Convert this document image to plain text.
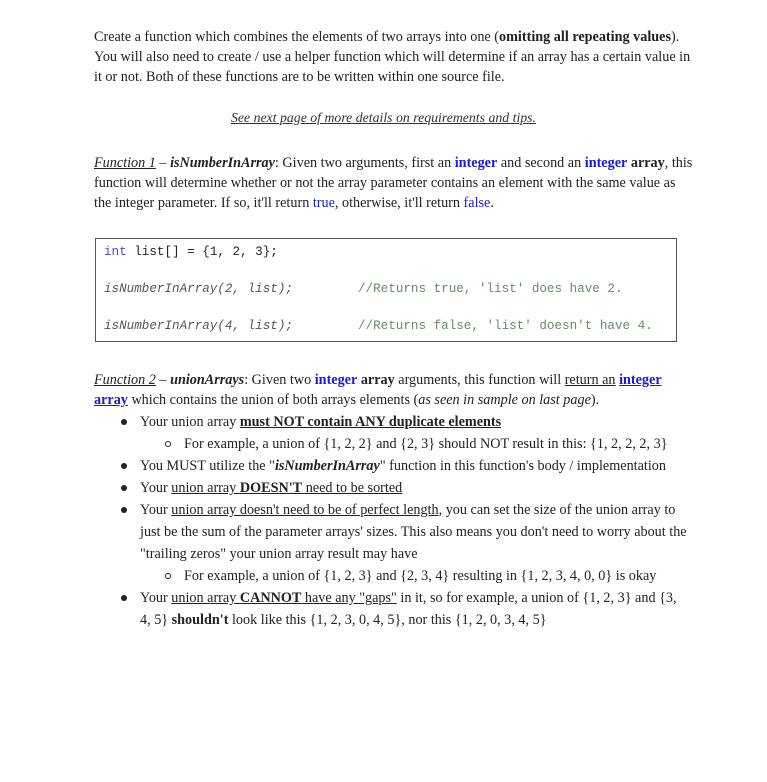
Create a function which combines the elements of two arrays into one (omitting all repeating values). You will also need to create / use a helper function which will determine if an array has a certain value in it or not. Both of these functions are to be written within one source file.
See next page of more details on requirements and tips.
Function 1 – isNumberInArray: Given two arguments, first an integer and second an integer array, this function will determine whether or not the array parameter contains an element with the same value as the integer parameter. If so, it'll return true, otherwise, it'll return false.
int list[] = {1, 2, 3};
isNumberInArray(2, list);	//Returns true, 'list' does have 2.
isNumberInArray(4, list);	//Returns false, 'list' doesn't have 4.
Function 2 – unionArrays: Given two integer array arguments, this function will return an integer array which contains the union of both arrays elements (as seen in sample on last page).
Your union array must NOT contain ANY duplicate elements
For example, a union of {1, 2, 2} and {2, 3} should NOT result in this: {1, 2, 2, 2, 3}
You MUST utilize the "isNumberInArray" function in this function's body / implementation
Your union array DOESN'T need to be sorted
Your union array doesn't need to be of perfect length, you can set the size of the union array to just be the sum of the parameter arrays' sizes. This also means you don't need to worry about the "trailing zeros" your union array result may have
For example, a union of {1, 2, 3} and {2, 3, 4} resulting in {1, 2, 3, 4, 0, 0} is okay
Your union array CANNOT have any "gaps" in it, so for example, a union of {1, 2, 3} and {3, 4, 5} shouldn't look like this {1, 2, 3, 0, 4, 5}, nor this {1, 2, 0, 3, 4, 5}
